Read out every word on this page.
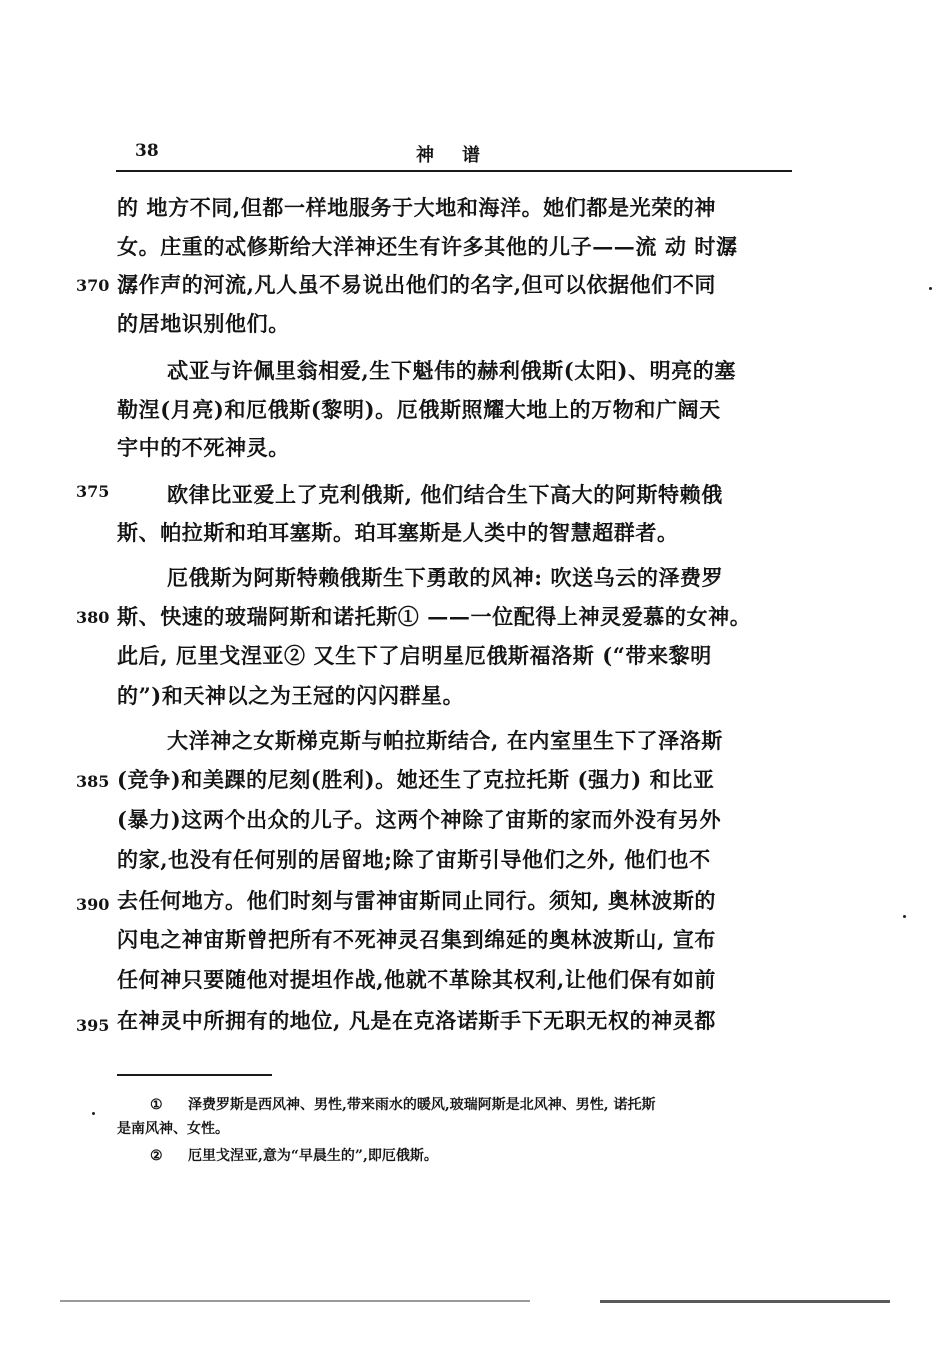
38	神谱
的 地方不同,但都一样地服务于大地和海洋。她们都是光荣的神
女。庄重的忒修斯给大洋神还生有许多其他的儿子——流 动 时潺
潺作声的河流,凡人虽不易说出他们的名字,但可以依据他们不同
的居地识别他们。
忒亚与许佩里翁相爱,生下魁伟的赫利俄斯(太阳)、明亮的塞
勒涅(月亮)和厄俄斯(黎明)。厄俄斯照耀大地上的万物和广阔天
宇中的不死神灵。
欧律比亚爱上了克利俄斯, 他们结合生下高大的阿斯特赖俄
斯、帕拉斯和珀耳塞斯。珀耳塞斯是人类中的智慧超群者。
厄俄斯为阿斯特赖俄斯生下勇敢的风神: 吹送乌云的泽费罗
斯、快速的玻瑞阿斯和诺托斯① ——一位配得上神灵爱慕的女神。
此后, 厄里戈涅亚② 又生下了启明星厄俄斯福洛斯 (“带来黎明
的”)和天神以之为王冠的闪闪群星。
大洋神之女斯梯克斯与帕拉斯结合, 在内室里生下了泽洛斯
(竞争)和美踝的尼刻(胜利)。她还生了克拉托斯 (强力) 和比亚
(暴力)这两个出众的儿子。这两个神除了宙斯的家而外没有另外
的家,也没有任何别的居留地;除了宙斯引导他们之外, 他们也不
去任何地方。他们时刻与雷神宙斯同止同行。须知, 奥林波斯的
闪电之神宙斯曾把所有不死神灵召集到绵延的奥林波斯山, 宣布
任何神只要随他对提坦作战,他就不革除其权利,让他们保有如前
在神灵中所拥有的地位, 凡是在克洛诺斯手下无职无权的神灵都
370
375
380
385
390
395
① 泽费罗斯是西风神、男性,带来雨水的暖风,玻瑞阿斯是北风神、男性, 诺托斯
是南风神、女性。
② 厄里戈涅亚,意为“早晨生的”,即厄俄斯。
